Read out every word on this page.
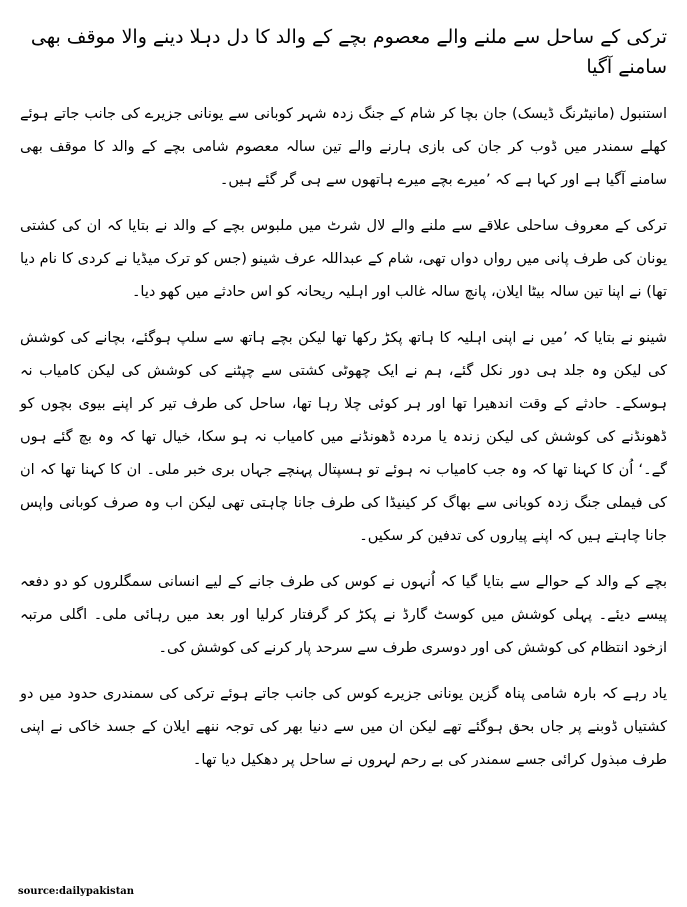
ترکی کے ساحل سے ملنے والے معصوم بچے کے والد کا دل دہلا دینے والا موقف بھی سامنے آگیا

استنبول (مانیٹرنگ ڈیسک) جان بچا کر شام کے جنگ زدہ شہر کوبانی سے یونانی جزیرے کی جانب جاتے ہوئے کھلے سمندر میں ڈوب کر جان کی بازی ہارنے والے تین سالہ معصوم شامی بچے کے والد کا موقف بھی سامنے آگیا ہے اور کہا ہے کہ ’میرے بچے میرے ہاتھوں سے ہی گر گئے ہیں۔

ترکی کے معروف ساحلی علاقے سے ملنے والے لال شرٹ میں ملبوس بچے کے والد نے بتایا کہ ان کی کشتی یونان کی طرف پانی میں رواں دواں تھی، شام کے عبداللہ عرف شینو (جس کو ترک میڈیا نے کردی کا نام دیا تھا) نے اپنا تین سالہ بیٹا ایلان، پانچ سالہ غالب اور اہلیہ ریحانہ کو اس حادثے میں کھو دیا۔

شینو نے بتایا کہ ’میں نے اپنی اہلیہ کا ہاتھ پکڑ رکھا تھا لیکن بچے ہاتھ سے سلپ ہوگئے، بچانے کی کوشش کی لیکن وہ جلد ہی دور نکل گئے، ہم نے ایک چھوٹی کشتی سے چپٹنے کی کوشش کی لیکن کامیاب نہ ہوسکے۔ حادثے کے وقت اندھیرا تھا اور ہر کوئی چلا رہا تھا، ساحل کی طرف تیر کر اپنے بیوی بچوں کو ڈھونڈنے کی کوشش کی لیکن زندہ یا مردہ ڈھونڈنے میں کامیاب نہ ہو سکا، خیال تھا کہ وہ بچ گئے ہوں گے۔‘ اُن کا کہنا تھا کہ وہ جب کامیاب نہ ہوئے تو ہسپتال پہنچے جہاں بری خبر ملی۔ ان کا کہنا تھا کہ ان کی فیملی جنگ زدہ کوبانی سے بھاگ کر کینیڈا کی طرف جانا چاہتی تھی لیکن اب وہ صرف کوبانی واپس جانا چاہتے ہیں کہ اپنے پیاروں کی تدفین کر سکیں۔

بچے کے والد کے حوالے سے بتایا گیا کہ اُنہوں نے کوس کی طرف جانے کے لیے انسانی سمگلروں کو دو دفعہ پیسے دیئے۔ پہلی کوشش میں کوسٹ گارڈ نے پکڑ کر گرفتار کرلیا اور بعد میں رہائی ملی۔ اگلی مرتبہ ازخود انتظام کی کوشش کی اور دوسری طرف سے سرحد پار کرنے کی کوشش کی۔

یاد رہے کہ بارہ شامی پناہ گزین یونانی جزیرے کوس کی جانب جاتے ہوئے ترکی کی سمندری حدود میں دو کشتیاں ڈوبنے پر جاں بحق ہوگئے تھے لیکن ان میں سے دنیا بھر کی توجہ ننھے ایلان کے جسد خاکی نے اپنی طرف مبذول کرائی جسے سمندر کی بے رحم لہروں نے ساحل پر دھکیل دیا تھا۔

source:dailypakistan
